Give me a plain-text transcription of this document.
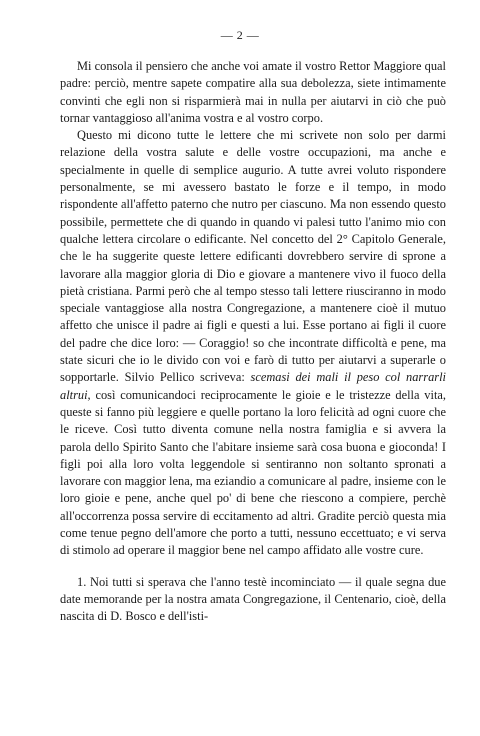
— 2 —

Mi consola il pensiero che anche voi amate il vostro Rettor Maggiore qual padre: perciò, mentre sapete compatire alla sua debolezza, siete intimamente convinti che egli non si risparmierà mai in nulla per aiutarvi in ciò che può tornar vantaggioso all'anima vostra e al vostro corpo.

Questo mi dicono tutte le lettere che mi scrivete non solo per darmi relazione della vostra salute e delle vostre occupazioni, ma anche e specialmente in quelle di semplice augurio. A tutte avrei voluto rispondere personalmente, se mi avessero bastato le forze e il tempo, in modo rispondente all'affetto paterno che nutro per ciascuno. Ma non essendo questo possibile, permettete che di quando in quando vi palesi tutto l'animo mio con qualche lettera circolare o edificante. Nel concetto del 2° Capitolo Generale, che le ha suggerite queste lettere edificanti dovrebbero servire di sprone a lavorare alla maggior gloria di Dio e giovare a mantenere vivo il fuoco della pietà cristiana. Parmi però che al tempo stesso tali lettere riusciranno in modo speciale vantaggiose alla nostra Congregazione, a mantenere cioè il mutuo affetto che unisce il padre ai figli e questi a lui. Esse portano ai figli il cuore del padre che dice loro: — Coraggio! so che incontrate difficoltà e pene, ma state sicuri che io le divido con voi e farò di tutto per aiutarvi a superarle o sopportarle. Silvio Pellico scriveva: scemasi dei mali il peso col narrarli altrui, così comunicandoci reciprocamente le gioie e le tristezze della vita, queste si fanno più leggiere e quelle portano la loro felicità ad ogni cuore che le riceve. Così tutto diventa comune nella nostra famiglia e si avvera la parola dello Spirito Santo che l'abitare insieme sarà cosa buona e gioconda! I figli poi alla loro volta leggendole si sentiranno non soltanto spronati a lavorare con maggior lena, ma eziandio a comunicare al padre, insieme con le loro gioie e pene, anche quel po' di bene che riescono a compiere, perchè all'occorrenza possa servire di eccitamento ad altri. Gradite perciò questa mia come tenue pegno dell'amore che porto a tutti, nessuno eccettuato; e vi serva di stimolo ad operare il maggior bene nel campo affidato alle vostre cure.

1. Noi tutti si sperava che l'anno testè incominciato — il quale segna due date memorande per la nostra amata Congregazione, il Centenario, cioè, della nascita di D. Bosco e dell'isti-
